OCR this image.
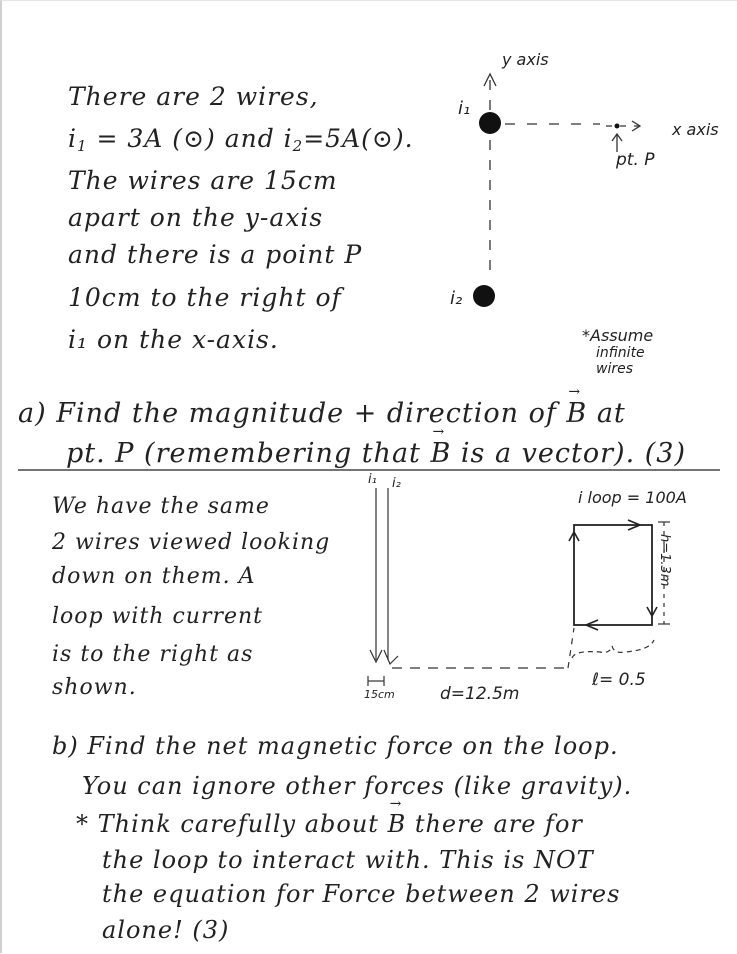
There are 2 wires,
$i_1 = 3A$ (⊙) and $i_2=5A(⊙)$.
The wires are 15cm
apart on the y-axis
and there is a point P
10cm to the right of
i₁ on the x-axis.
y axis
x axis
i₁
i₂
pt. P
*Assume
infinite
wires
a) Find the magnitude + direction of → B at
pt. P (remembering that → B is a vector). (3)
We have the same
2 wires viewed looking
down on them. A
loop with current
is to the right as
shown.
i₁ i₂
i loop = 100A
h=1.3m
15cm	d=12.5m
ℓ= 0.5
b) Find the net magnetic force on the loop.
You can ignore other forces (like gravity).
* Think carefully about → B there are for
the loop to interact with. This is NOT
the equation for Force between 2 wires
alone! (3)
